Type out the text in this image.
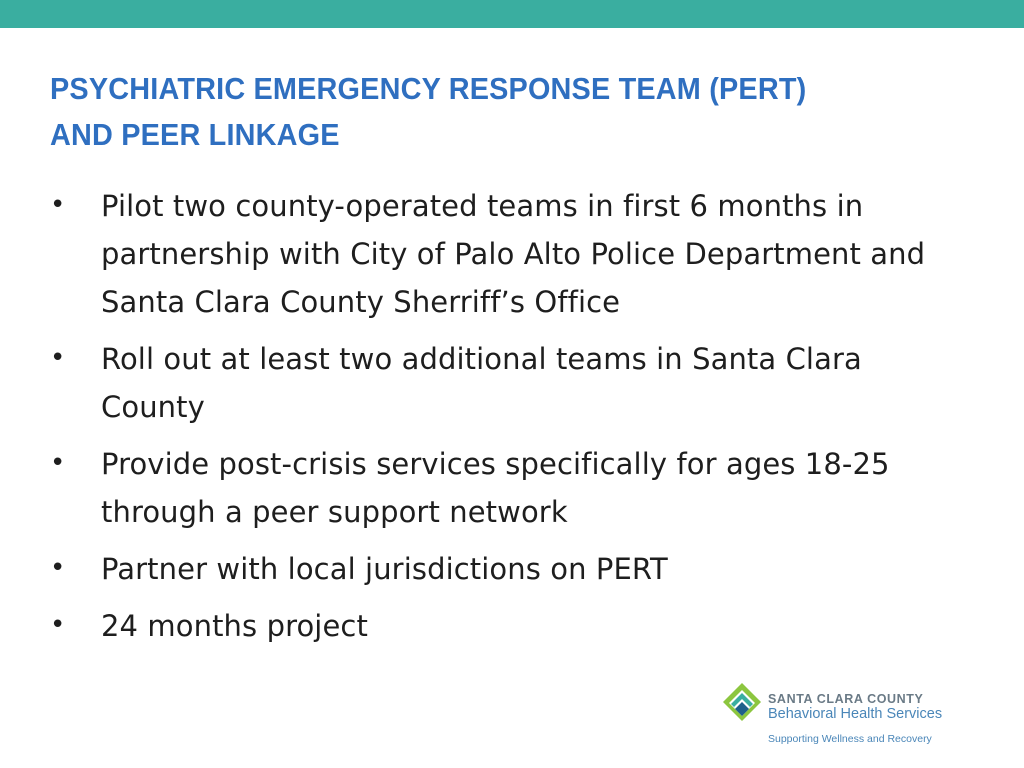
PSYCHIATRIC EMERGENCY RESPONSE TEAM (PERT)
AND PEER LINKAGE
• Pilot two county-operated teams in first 6 months in partnership with City of Palo Alto Police Department and Santa Clara County Sherriff’s Office
• Roll out at least two additional teams in Santa Clara County
• Provide post-crisis services specifically for ages 18-25 through a peer support network
• Partner with local jurisdictions on PERT
• 24 months project
SANTA CLARA COUNTY
Behavioral Health Services
Supporting Wellness and Recovery
